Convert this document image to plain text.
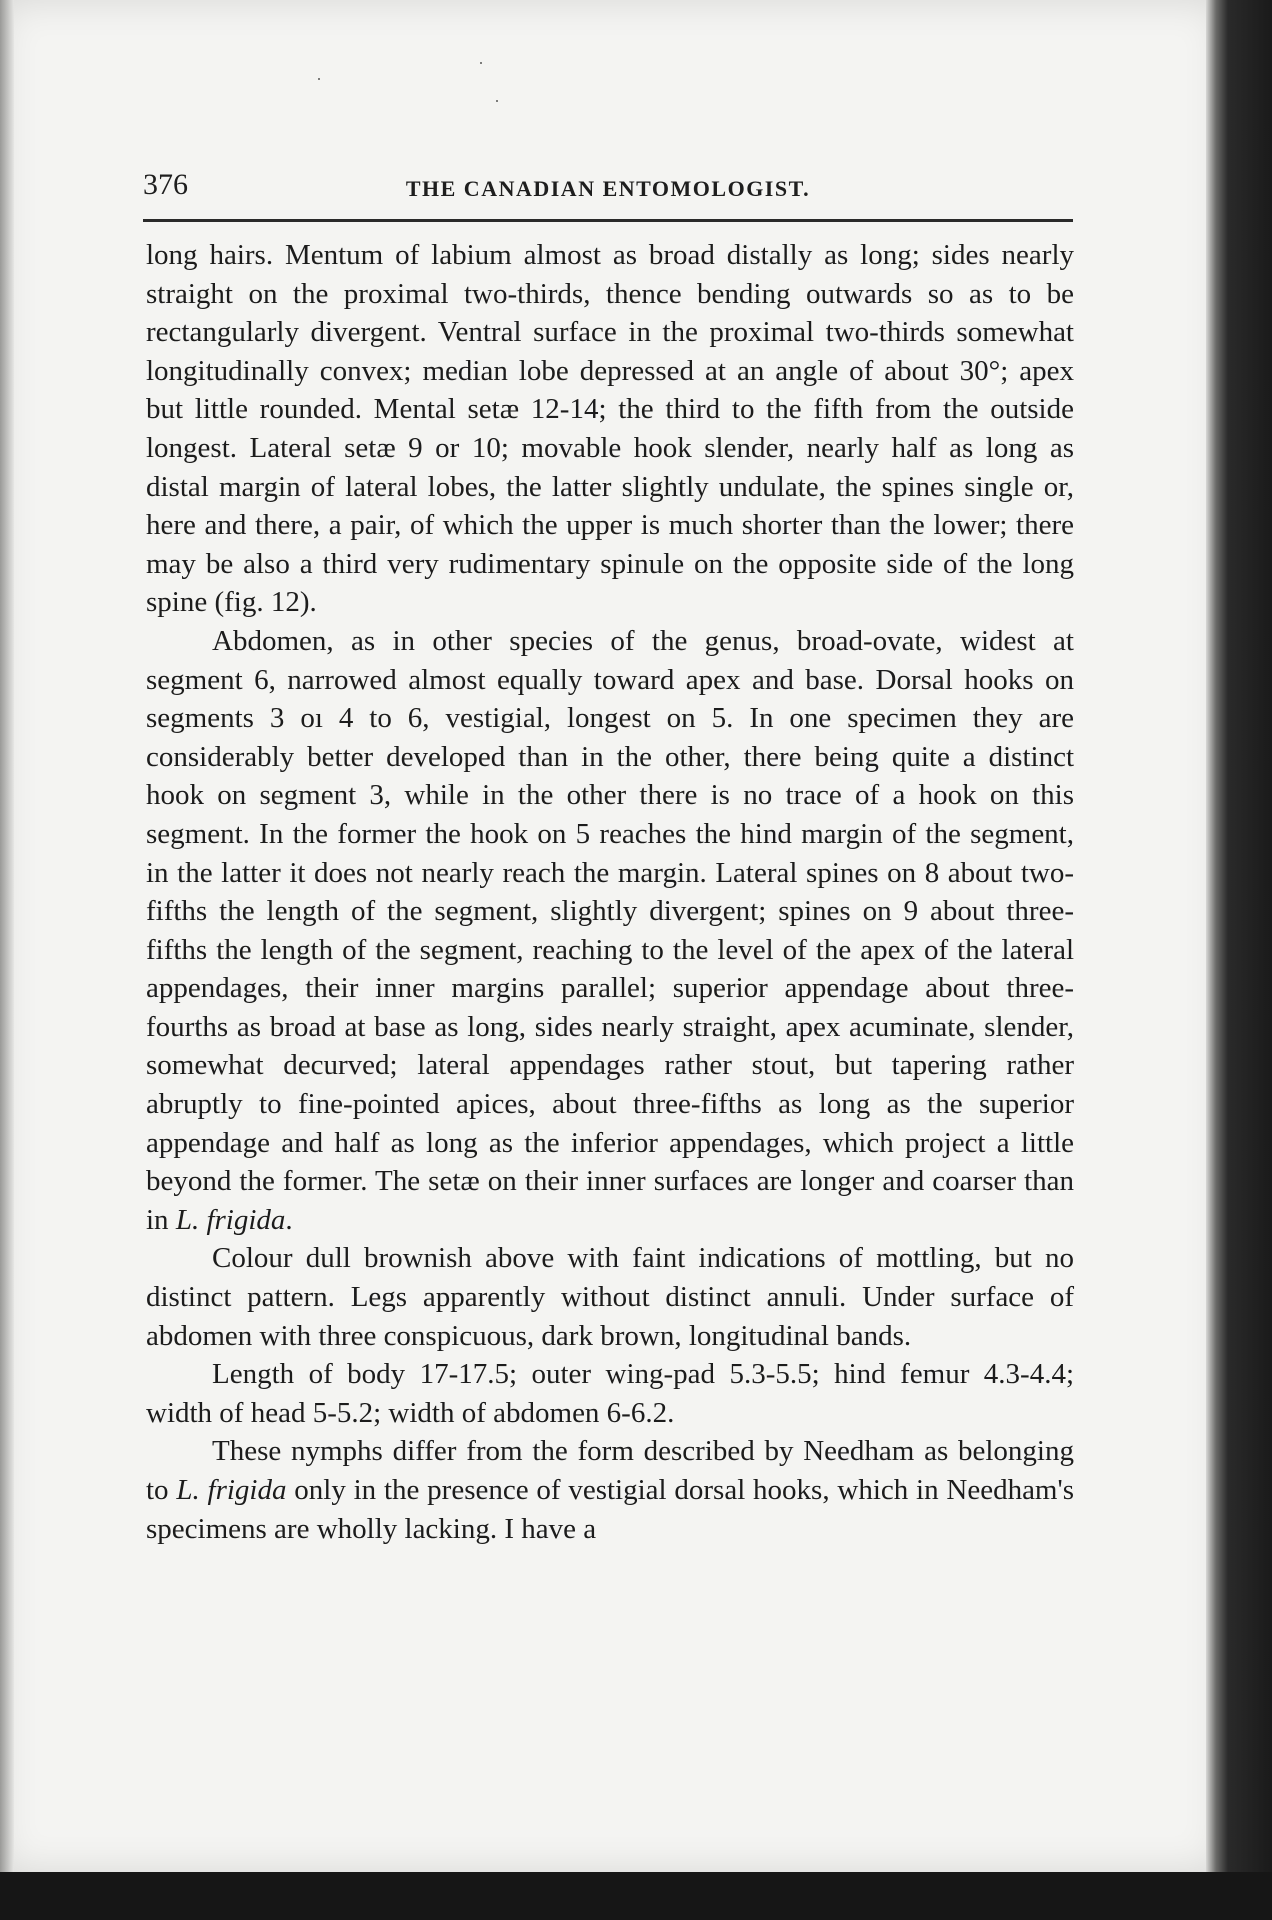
376	THE CANADIAN ENTOMOLOGIST.

long hairs. Mentum of labium almost as broad distally as long; sides nearly straight on the proximal two-thirds, thence bending outwards so as to be rectangularly divergent. Ventral surface in the proximal two-thirds somewhat longitudinally convex; median lobe depressed at an angle of about 30°; apex but little rounded. Mental setæ 12-14; the third to the fifth from the outside longest. Lateral setæ 9 or 10; movable hook slender, nearly half as long as distal margin of lateral lobes, the latter slightly undulate, the spines single or, here and there, a pair, of which the upper is much shorter than the lower; there may be also a third very rudimentary spinule on the opposite side of the long spine (fig. 12).

Abdomen, as in other species of the genus, broad-ovate, widest at segment 6, narrowed almost equally toward apex and base. Dorsal hooks on segments 3 oı 4 to 6, vestigial, longest on 5. In one specimen they are considerably better developed than in the other, there being quite a distinct hook on segment 3, while in the other there is no trace of a hook on this segment. In the former the hook on 5 reaches the hind margin of the segment, in the latter it does not nearly reach the margin. Lateral spines on 8 about two-fifths the length of the segment, slightly divergent; spines on 9 about three-fifths the length of the segment, reaching to the level of the apex of the lateral appendages, their inner margins parallel; superior appendage about three-fourths as broad at base as long, sides nearly straight, apex acuminate, slender, somewhat decurved; lateral appendages rather stout, but tapering rather abruptly to fine-pointed apices, about three-fifths as long as the superior appendage and half as long as the inferior appendages, which project a little beyond the former. The setæ on their inner surfaces are longer and coarser than in L. frigida.

Colour dull brownish above with faint indications of mottling, but no distinct pattern. Legs apparently without distinct annuli. Under surface of abdomen with three conspicuous, dark brown, longitudinal bands.

Length of body 17-17.5; outer wing-pad 5.3-5.5; hind femur 4.3-4.4; width of head 5-5.2; width of abdomen 6-6.2.

These nymphs differ from the form described by Needham as belonging to L. frigida only in the presence of vestigial dorsal hooks, which in Needham's specimens are wholly lacking. I have a
